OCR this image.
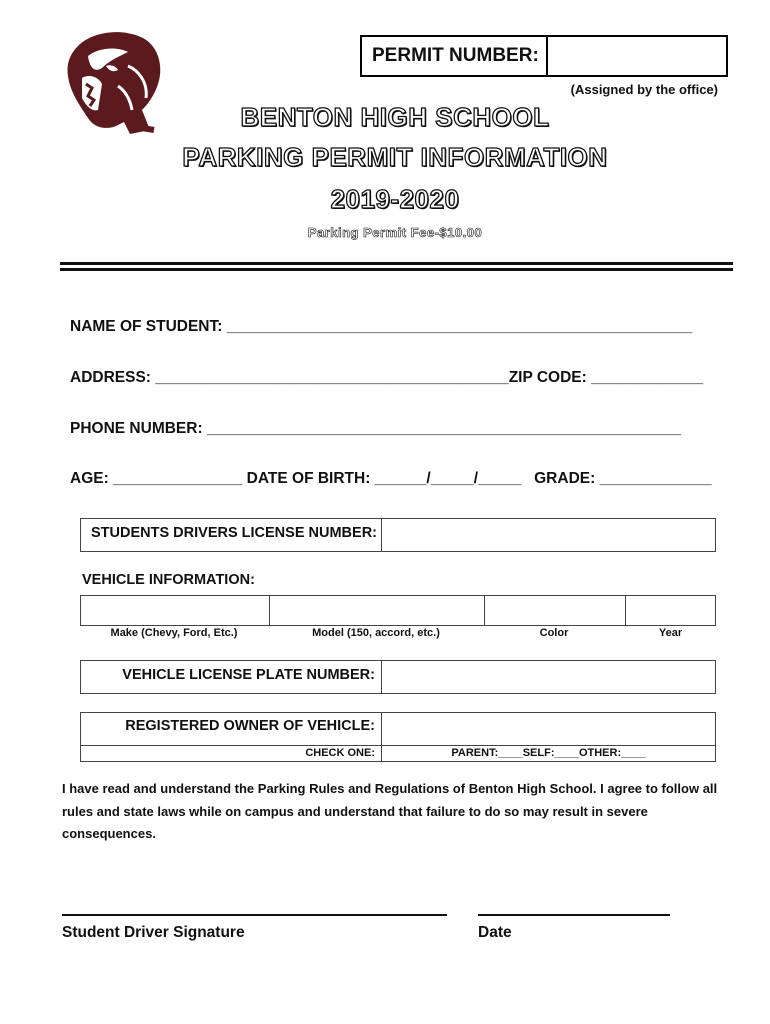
PERMIT NUMBER:
(Assigned by the office)
BENTON HIGH SCHOOL
PARKING PERMIT INFORMATION
2019-2020
Parking Permit Fee-$10.00
NAME OF STUDENT: ______________________________________________________
ADDRESS: _________________________________________ZIP CODE: _____________
PHONE NUMBER: _______________________________________________________
AGE: _______________ DATE OF BIRTH: ______/_____/_____   GRADE: _____________
STUDENTS DRIVERS LICENSE NUMBER:
VEHICLE INFORMATION:
Make (Chevy, Ford, Etc.)	Model (150, accord, etc.)	Color	Year
VEHICLE LICENSE PLATE NUMBER:
REGISTERED OWNER OF VEHICLE:
CHECK ONE:	PARENT:____SELF:____OTHER:____
I have read and understand the Parking Rules and Regulations of Benton High School. I agree to follow all rules and state laws while on campus and understand that failure to do so may result in severe consequences.
Student Driver Signature	Date
